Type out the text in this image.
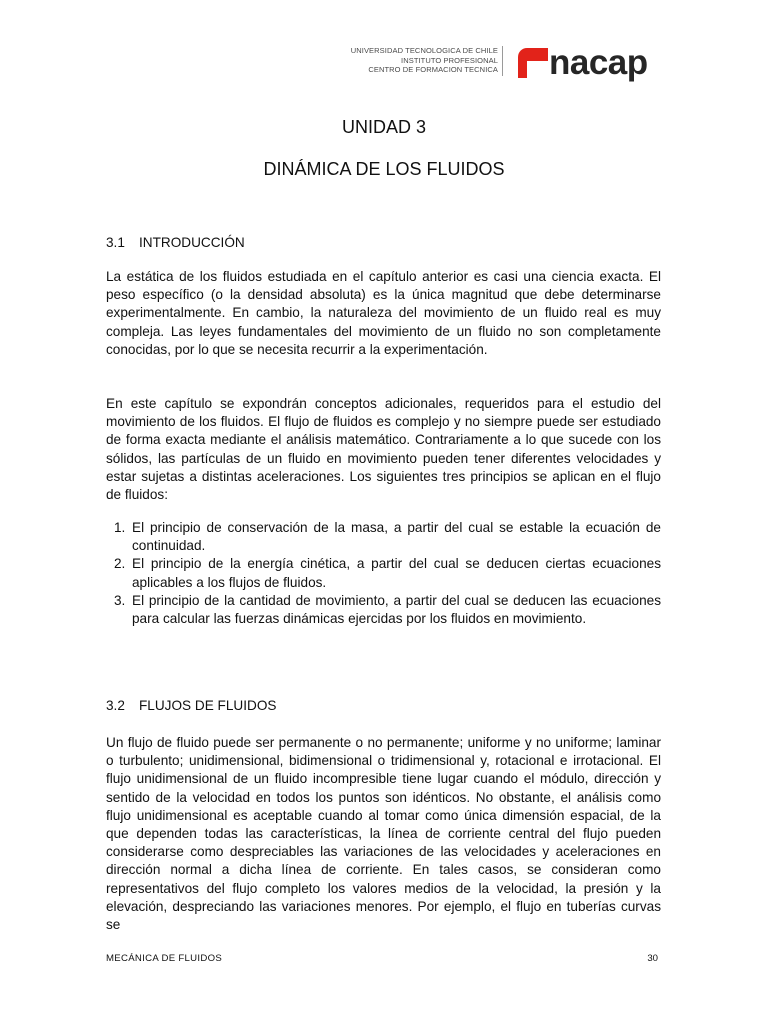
UNIVERSIDAD TECNOLOGICA DE CHILE
INSTITUTO PROFESIONAL
CENTRO DE FORMACION TECNICA nacap
UNIDAD 3
DINÁMICA DE LOS FLUIDOS
3.1 INTRODUCCIÓN

La estática de los fluidos estudiada en el capítulo anterior es casi una ciencia exacta. El peso específico (o la densidad absoluta) es la única magnitud que debe determinarse experimentalmente. En cambio, la naturaleza del movimiento de un fluido real es muy compleja. Las leyes fundamentales del movimiento de un fluido no son completamente conocidas, por lo que se necesita recurrir a la experimentación.

En este capítulo se expondrán conceptos adicionales, requeridos para el estudio del movimiento de los fluidos. El flujo de fluidos es complejo y no siempre puede ser estudiado de forma exacta mediante el análisis matemático. Contrariamente a lo que sucede con los sólidos, las partículas de un fluido en movimiento pueden tener diferentes velocidades y estar sujetas a distintas aceleraciones. Los siguientes tres principios se aplican en el flujo de fluidos:

1. El principio de conservación de la masa, a partir del cual se estable la ecuación de continuidad.
2. El principio de la energía cinética, a partir del cual se deducen ciertas ecuaciones aplicables a los flujos de fluidos.
3. El principio de la cantidad de movimiento, a partir del cual se deducen las ecuaciones para calcular las fuerzas dinámicas ejercidas por los fluidos en movimiento.
3.2 FLUJOS DE FLUIDOS

Un flujo de fluido puede ser permanente o no permanente; uniforme y no uniforme; laminar o turbulento; unidimensional, bidimensional o tridimensional y, rotacional e irrotacional. El flujo unidimensional de un fluido incompresible tiene lugar cuando el módulo, dirección y sentido de la velocidad en todos los puntos son idénticos. No obstante, el análisis como flujo unidimensional es aceptable cuando al tomar como única dimensión espacial, de la que dependen todas las características, la línea de corriente central del flujo pueden considerarse como despreciables las variaciones de las velocidades y aceleraciones en dirección normal a dicha línea de corriente. En tales casos, se consideran como representativos del flujo completo los valores medios de la velocidad, la presión y la elevación, despreciando las variaciones menores. Por ejemplo, el flujo en tuberías curvas se

MECÁNICA DE FLUIDOS	30
